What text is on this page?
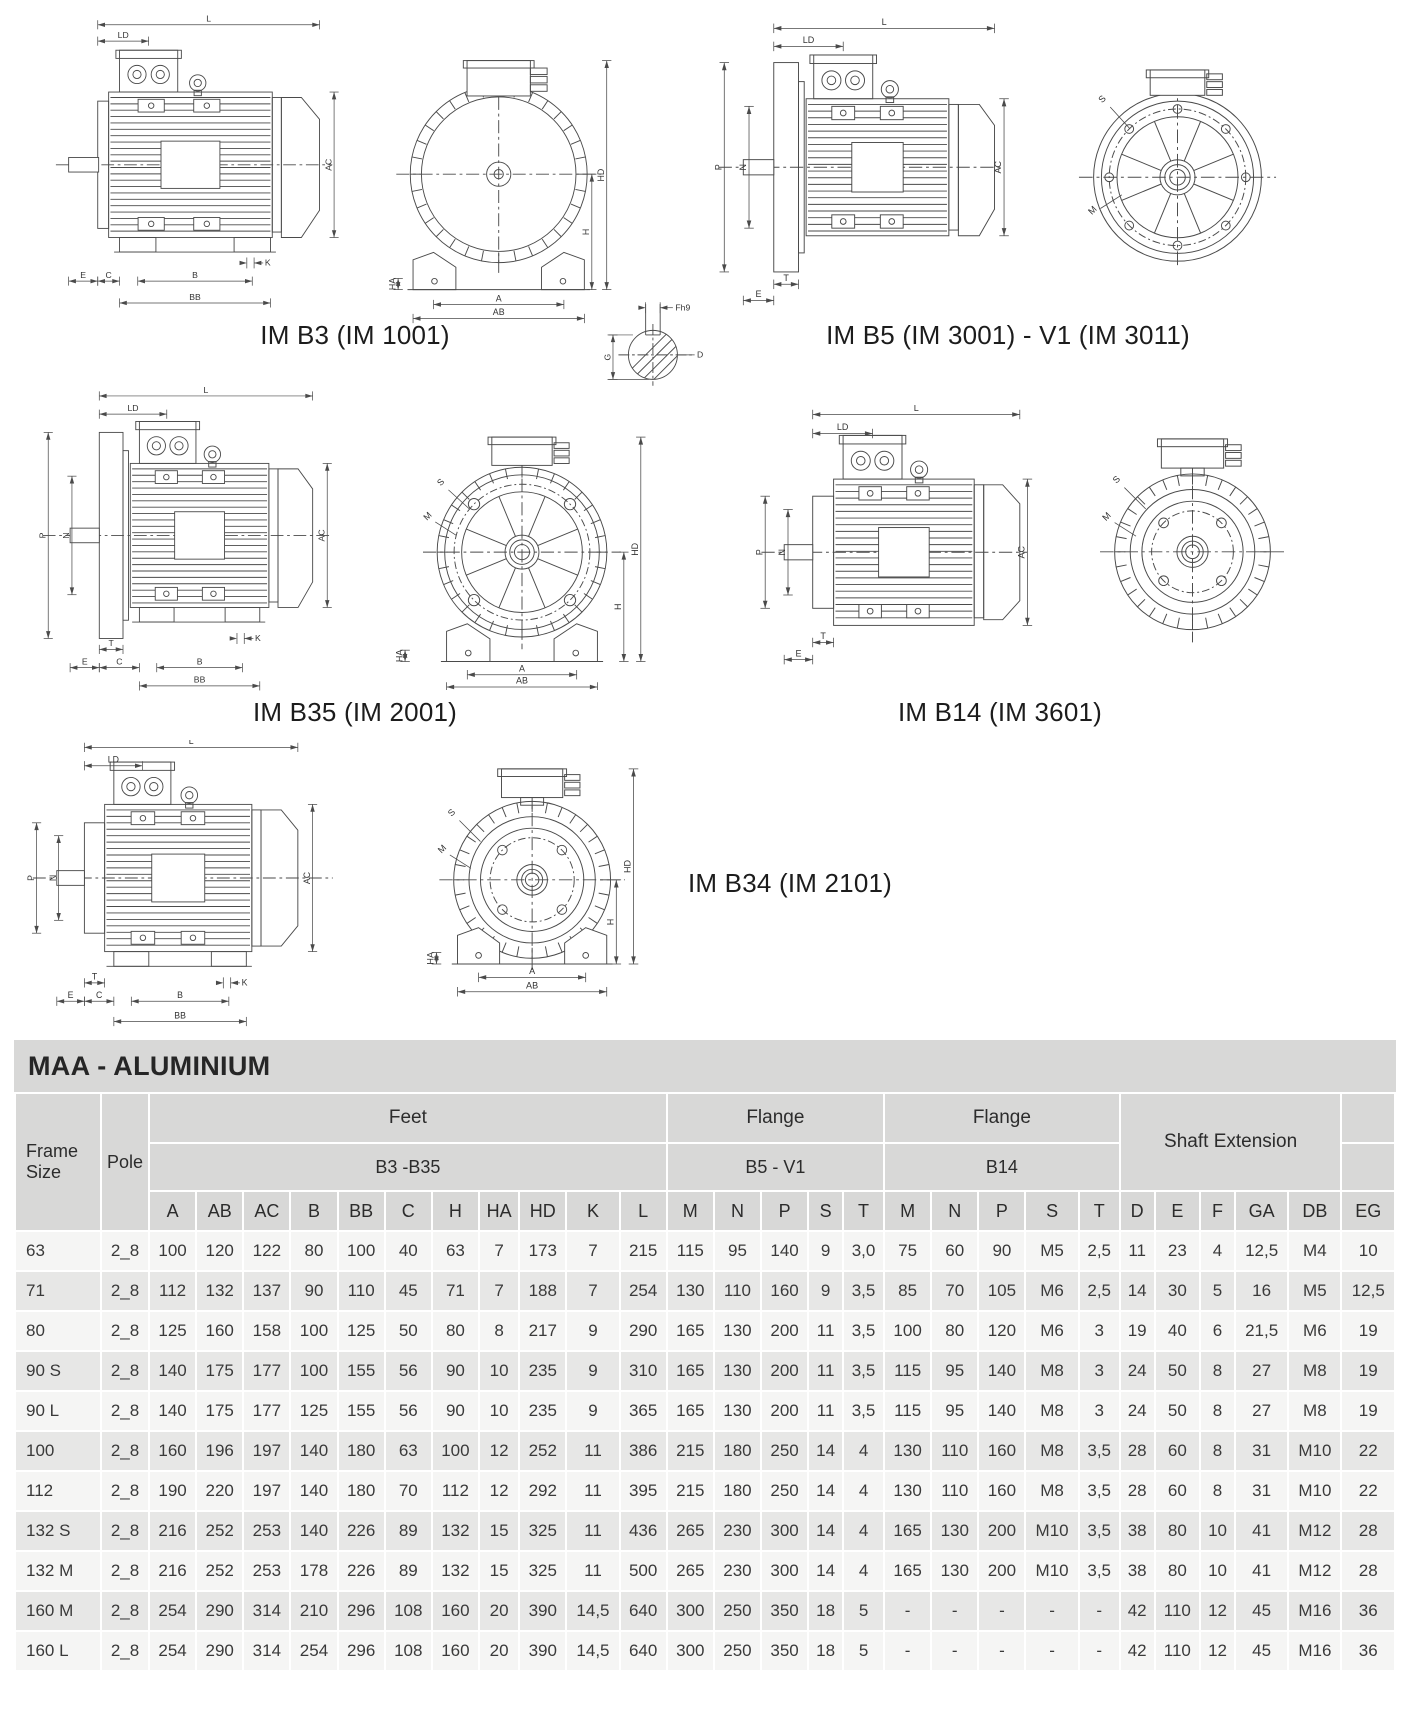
L
LD
AC
E C	B
BB
K
HD
H
HA
A
AB	Fh9
D
G
L
LD
P N	AC
T
E
S
M
IM B3 (IM 1001)	IM B5 (IM 3001) - V1 (IM 3011)
L
LD
P N	AC
T
E	C	B
BB
K
S
M
HD
H
HA
A
AB
L
LD
P N	AC
T
E
S
M
IM B35 (IM 2001)	IM B14 (IM 3601)
L
LD
P N	AC
T
E C	B
BB
K
S
M
HD
H
HA
A
AB
IM B34 (IM 2101)
MAA - ALUMINIUM
Frame Size	Pole	Feet											Flange					Flange					Shaft Extension					
		B3 -B35											B5 - V1					B14										
		A	AB	AC	B	BB	C	H	HA	HD	K	L	M	N	P	S	T	M	N	P	S	T	D	E	F	GA	DB	EG
63	2_8	100	120	122	80	100	40	63	7	173	7	215	115	95	140	9	3,0	75	60	90	M5	2,5	11	23	4	12,5	M4	10
71	2_8	112	132	137	90	110	45	71	7	188	7	254	130	110	160	9	3,5	85	70	105	M6	2,5	14	30	5	16	M5	12,5
80	2_8	125	160	158	100	125	50	80	8	217	9	290	165	130	200	11	3,5	100	80	120	M6	3	19	40	6	21,5	M6	19
90 S	2_8	140	175	177	100	155	56	90	10	235	9	310	165	130	200	11	3,5	115	95	140	M8	3	24	50	8	27	M8	19
90 L	2_8	140	175	177	125	155	56	90	10	235	9	365	165	130	200	11	3,5	115	95	140	M8	3	24	50	8	27	M8	19
100	2_8	160	196	197	140	180	63	100	12	252	11	386	215	180	250	14	4	130	110	160	M8	3,5	28	60	8	31	M10	22
112	2_8	190	220	197	140	180	70	112	12	292	11	395	215	180	250	14	4	130	110	160	M8	3,5	28	60	8	31	M10	22
132 S	2_8	216	252	253	140	226	89	132	15	325	11	436	265	230	300	14	4	165	130	200	M10	3,5	38	80	10	41	M12	28
132 M	2_8	216	252	253	178	226	89	132	15	325	11	500	265	230	300	14	4	165	130	200	M10	3,5	38	80	10	41	M12	28
160 M	2_8	254	290	314	210	296	108	160	20	390	14,5	640	300	250	350	18	5	-	-	-	-	-	42	110	12	45	M16	36
160 L	2_8	254	290	314	254	296	108	160	20	390	14,5	640	300	250	350	18	5	-	-	-	-	-	42	110	12	45	M16	36
